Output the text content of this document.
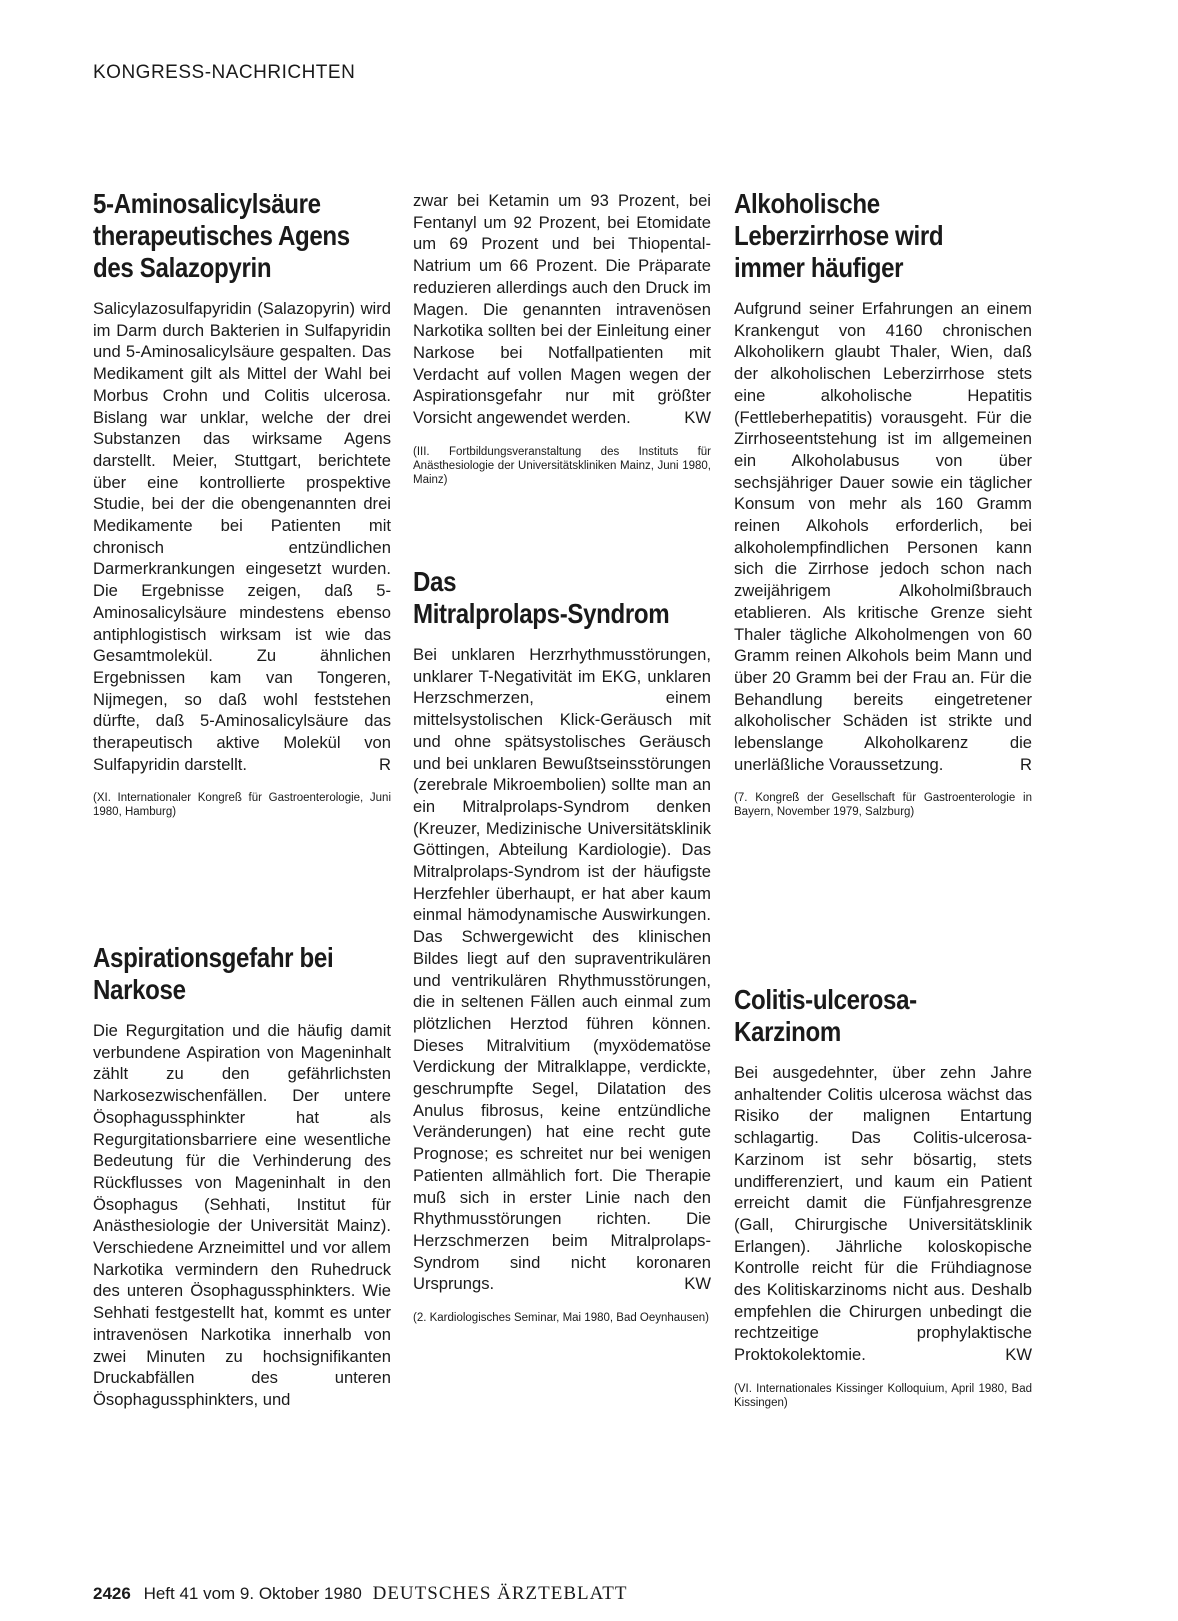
KONGRESS-NACHRICHTEN
5-Aminosalicylsäure
therapeutisches Agens
des Salazopyrin

Salicylazosulfapyridin (Salazopyrin) wird im Darm durch Bakterien in Sulfapyridin und 5-Aminosalicylsäure gespalten. Das Medikament gilt als Mittel der Wahl bei Morbus Crohn und Colitis ulcerosa. Bislang war unklar, welche der drei Substanzen das wirksame Agens darstellt. Meier, Stuttgart, berichtete über eine kontrollierte prospektive Studie, bei der die obengenannten drei Medikamente bei Patienten mit chronisch entzündlichen Darmerkrankungen eingesetzt wurden. Die Ergebnisse zeigen, daß 5-Aminosalicylsäure mindestens ebenso antiphlogistisch wirksam ist wie das Gesamtmolekül. Zu ähnlichen Ergebnissen kam van Tongeren, Nijmegen, so daß wohl feststehen dürfte, daß 5-Aminosalicylsäure das therapeutisch aktive Molekül von Sulfapyridin darstellt.	R

(XI. Internationaler Kongreß für Gastroenterologie, Juni 1980, Hamburg)
Aspirationsgefahr bei
Narkose

Die Regurgitation und die häufig damit verbundene Aspiration von Mageninhalt zählt zu den gefährlichsten Narkosezwischenfällen. Der untere Ösophagussphinkter hat als Regurgitationsbarriere eine wesentliche Bedeutung für die Verhinderung des Rückflusses von Mageninhalt in den Ösophagus (Sehhati, Institut für Anästhesiologie der Universität Mainz). Verschiedene Arzneimittel und vor allem Narkotika vermindern den Ruhedruck des unteren Ösophagussphinkters. Wie Sehhati festgestellt hat, kommt es unter intravenösen Narkotika innerhalb von zwei Minuten zu hochsignifikanten Druckabfällen des unteren Ösophagussphinkters, und

zwar bei Ketamin um 93 Prozent, bei Fentanyl um 92 Prozent, bei Etomidate um 69 Prozent und bei Thiopental-Natrium um 66 Prozent. Die Präparate reduzieren allerdings auch den Druck im Magen. Die genannten intravenösen Narkotika sollten bei der Einleitung einer Narkose bei Notfallpatienten mit Verdacht auf vollen Magen wegen der Aspirationsgefahr nur mit größter Vorsicht angewendet werden.	KW

(III. Fortbildungsveranstaltung des Instituts für Anästhesiologie der Universitätskliniken Mainz, Juni 1980, Mainz)
Das
Mitralprolaps-Syndrom

Bei unklaren Herzrhythmusstörungen, unklarer T-Negativität im EKG, unklaren Herzschmerzen, einem mittelsystolischen Klick-Geräusch mit und ohne spätsystolisches Geräusch und bei unklaren Bewußtseinsstörungen (zerebrale Mikroembolien) sollte man an ein Mitralprolaps-Syndrom denken (Kreuzer, Medizinische Universitätsklinik Göttingen, Abteilung Kardiologie). Das Mitralprolaps-Syndrom ist der häufigste Herzfehler überhaupt, er hat aber kaum einmal hämodynamische Auswirkungen. Das Schwergewicht des klinischen Bildes liegt auf den supraventrikulären und ventrikulären Rhythmusstörungen, die in seltenen Fällen auch einmal zum plötzlichen Herztod führen können. Dieses Mitralvitium (myxödematöse Verdickung der Mitralklappe, verdickte, geschrumpfte Segel, Dilatation des Anulus fibrosus, keine entzündliche Veränderungen) hat eine recht gute Prognose; es schreitet nur bei wenigen Patienten allmählich fort. Die Therapie muß sich in erster Linie nach den Rhythmusstörungen richten. Die Herzschmerzen beim Mitralprolaps-Syndrom sind nicht koronaren Ursprungs.	KW

(2. Kardiologisches Seminar, Mai 1980, Bad Oeynhausen)
Alkoholische
Leberzirrhose wird
immer häufiger

Aufgrund seiner Erfahrungen an einem Krankengut von 4160 chronischen Alkoholikern glaubt Thaler, Wien, daß der alkoholischen Leberzirrhose stets eine alkoholische Hepatitis (Fettleberhepatitis) vorausgeht. Für die Zirrhoseentstehung ist im allgemeinen ein Alkoholabusus von über sechsjähriger Dauer sowie ein täglicher Konsum von mehr als 160 Gramm reinen Alkohols erforderlich, bei alkoholempfindlichen Personen kann sich die Zirrhose jedoch schon nach zweijährigem Alkoholmißbrauch etablieren. Als kritische Grenze sieht Thaler tägliche Alkoholmengen von 60 Gramm reinen Alkohols beim Mann und über 20 Gramm bei der Frau an. Für die Behandlung bereits eingetretener alkoholischer Schäden ist strikte und lebenslange Alkoholkarenz die unerläßliche Voraussetzung.	R

(7. Kongreß der Gesellschaft für Gastroenterologie in Bayern, November 1979, Salzburg)
Colitis-ulcerosa-
Karzinom

Bei ausgedehnter, über zehn Jahre anhaltender Colitis ulcerosa wächst das Risiko der malignen Entartung schlagartig. Das Colitis-ulcerosa-Karzinom ist sehr bösartig, stets undifferenziert, und kaum ein Patient erreicht damit die Fünfjahresgrenze (Gall, Chirurgische Universitätsklinik Erlangen). Jährliche koloskopische Kontrolle reicht für die Frühdiagnose des Kolitiskarzinoms nicht aus. Deshalb empfehlen die Chirurgen unbedingt die rechtzeitige prophylaktische Proktokolektomie.	KW

(VI. Internationales Kissinger Kolloquium, April 1980, Bad Kissingen)
2426 Heft 41 vom 9. Oktober 1980 DEUTSCHES ÄRZTEBLATT
